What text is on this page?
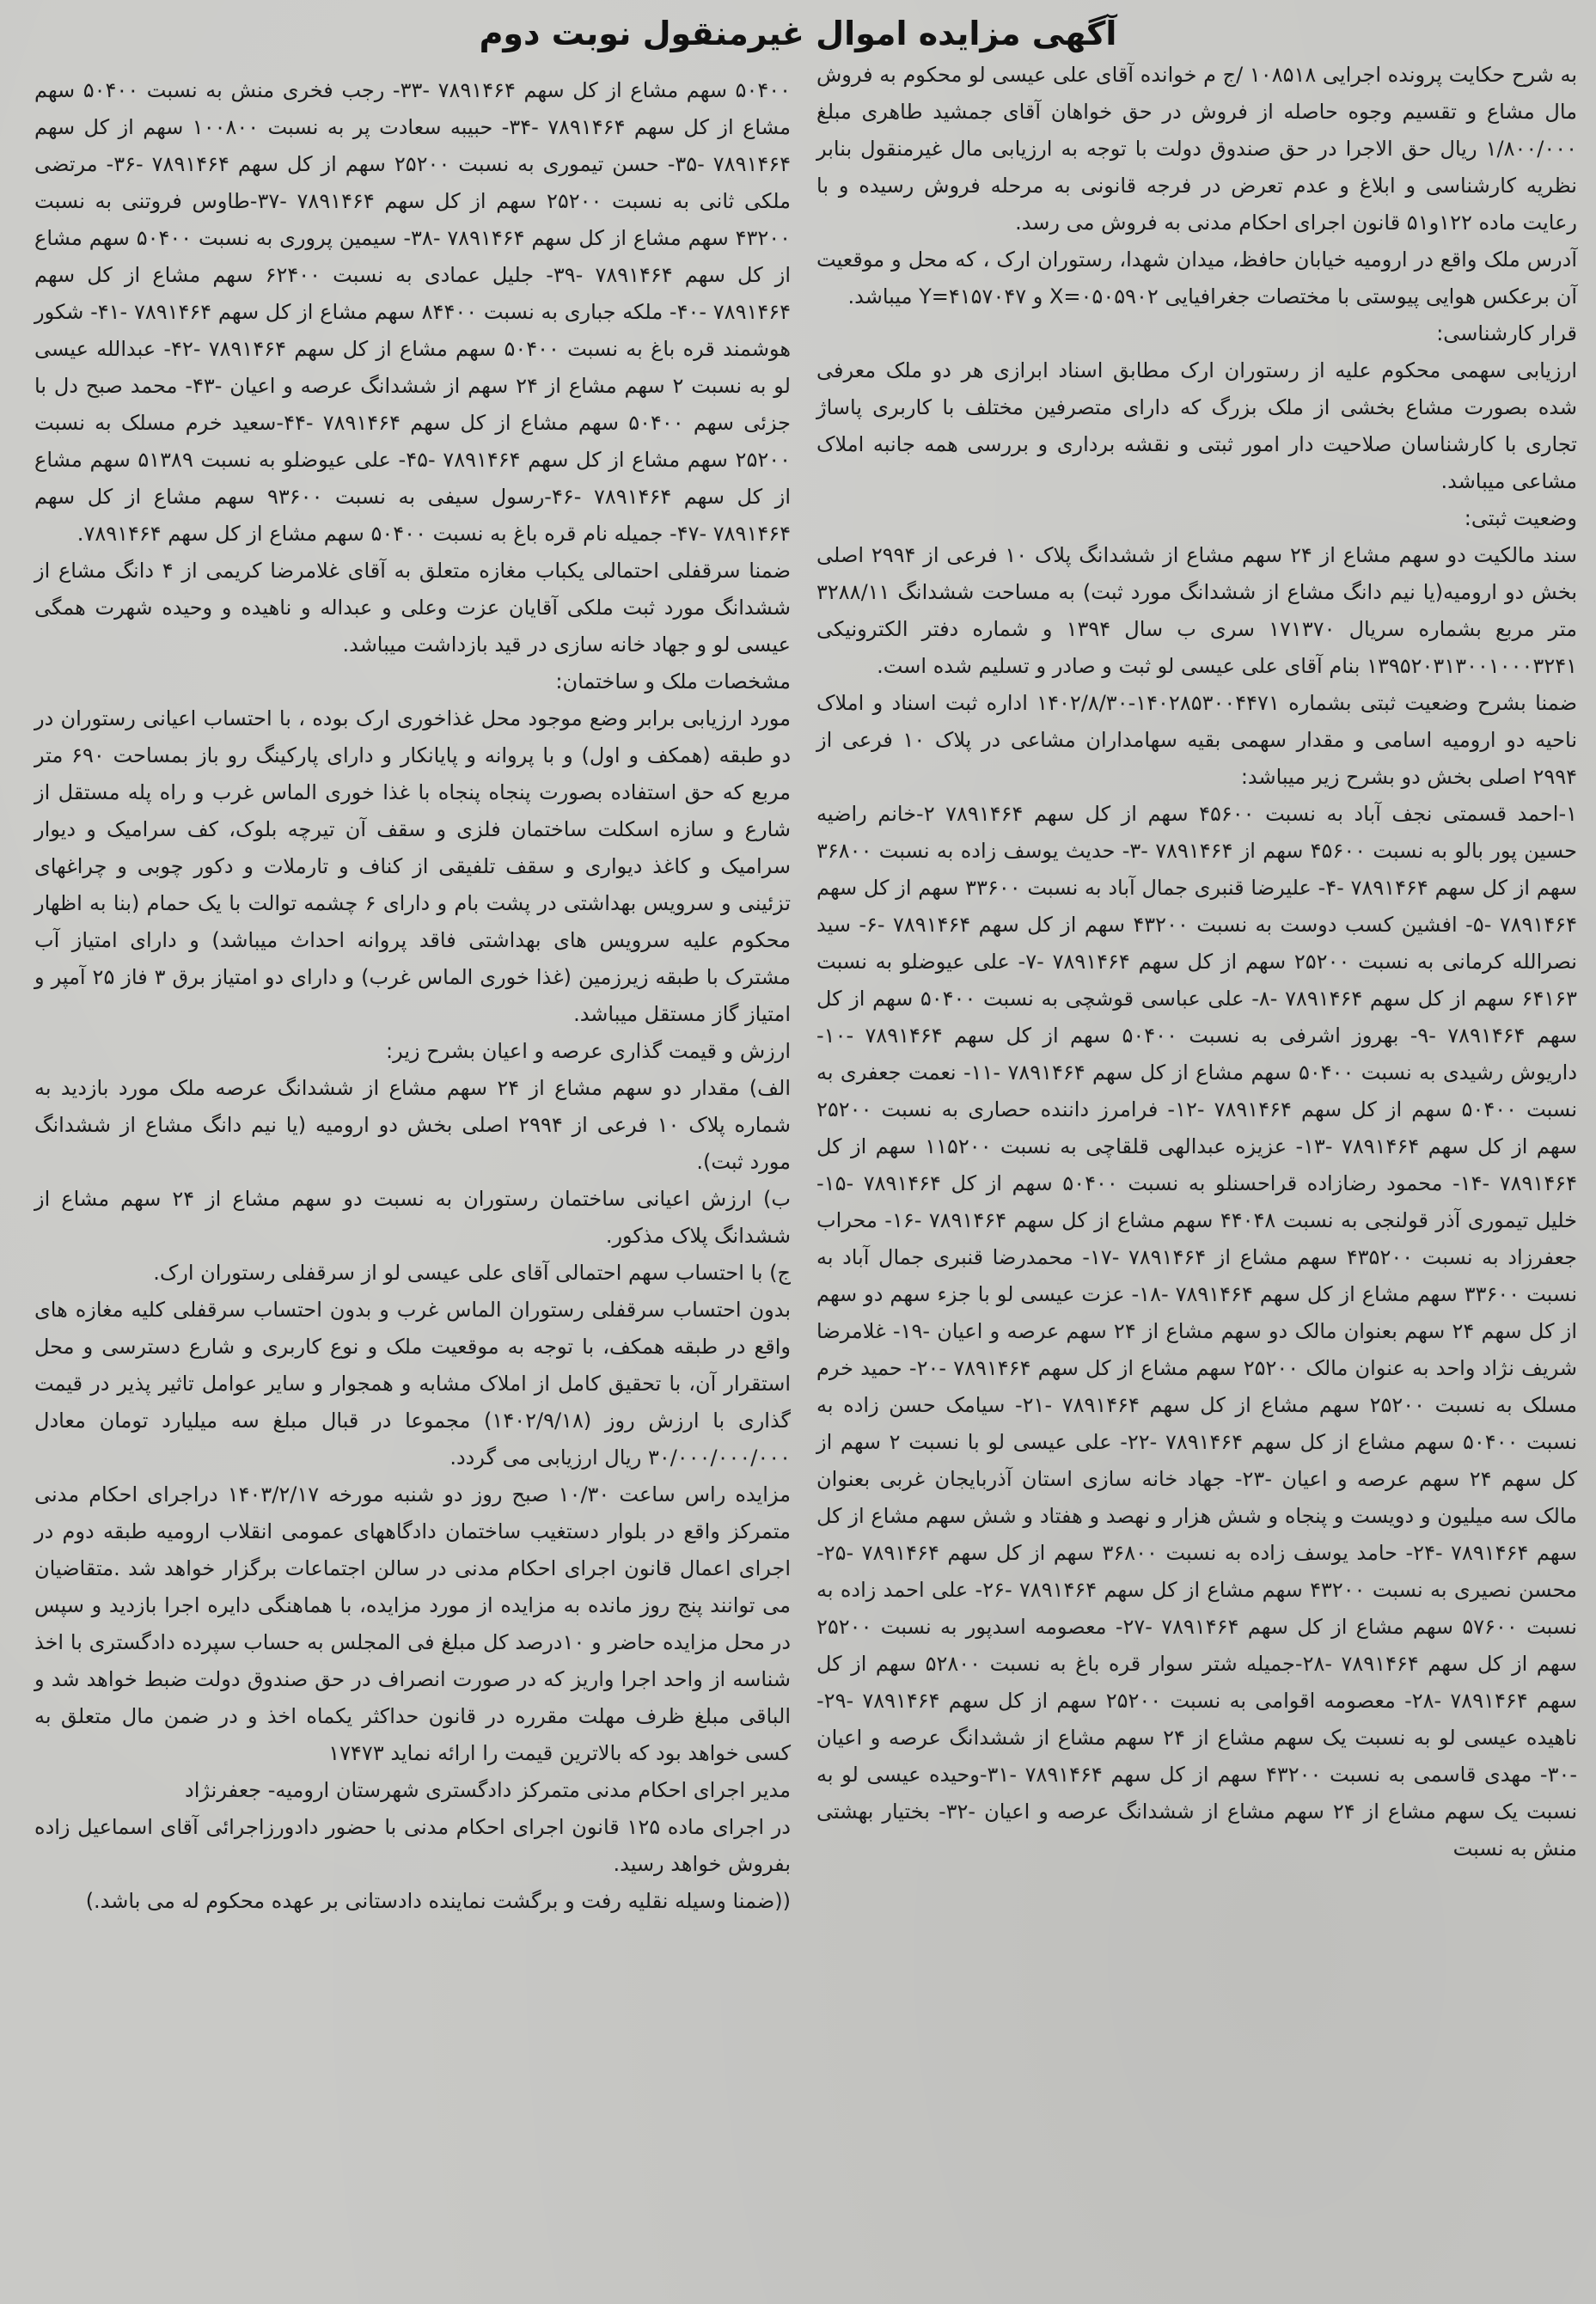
آگهی مزایده اموال غیرمنقول نوبت دوم

به شرح حکایت پرونده اجرایی ۱۰۸۵۱۸ /ج م خوانده آقای علی عیسی لو محکوم به فروش مال مشاع و تقسیم وجوه حاصله از فروش در حق خواهان آقای جمشید طاهری مبلغ ۱/۸۰۰/۰۰۰ ریال حق الاجرا در حق صندوق دولت با توجه به ارزیابی مال غیرمنقول بنابر نظریه کارشناسی و ابلاغ و عدم تعرض در فرجه قانونی به مرحله فروش رسیده و با رعایت ماده ۱۲۲و۵۱ قانون اجرای احکام مدنی به فروش می رسد.

آدرس ملک واقع در ارومیه خیابان حافظ، میدان شهدا، رستوران ارک ، که محل و موقعیت آن برعکس هوایی پیوستی با مختصات جغرافیایی X=۰۵۰۵۹۰۲ و Y=۴۱۵۷۰۴۷ میباشد.

قرار کارشناسی:

ارزیابی سهمی محکوم علیه از رستوران ارک مطابق اسناد ابرازی هر دو ملک معرفی شده بصورت مشاع بخشی از ملک بزرگ که دارای متصرفین مختلف با کاربری پاساژ تجاری با کارشناسان صلاحیت دار امور ثبتی و نقشه برداری و بررسی همه جانبه املاک مشاعی میباشد.

وضعیت ثبتی:

سند مالکیت دو سهم مشاع از ۲۴ سهم مشاع از ششدانگ پلاک ۱۰ فرعی از ۲۹۹۴ اصلی بخش دو ارومیه(یا نیم دانگ مشاع از ششدانگ مورد ثبت) به مساحت ششدانگ ۳۲۸۸/۱۱ متر مربع بشماره سریال ۱۷۱۳۷۰ سری ب سال ۱۳۹۴ و شماره دفتر الکترونیکی ۱۳۹۵۲۰۳۱۳۰۰۱۰۰۰۳۲۴۱ بنام آقای علی عیسی لو ثبت و صادر و تسلیم شده است.

ضمنا بشرح وضعیت ثبتی بشماره ۱۴۰۲۸۵۳۰۰۴۴۷۱-۱۴۰۲/۸/۳۰ اداره ثبت اسناد و املاک ناحیه دو ارومیه اسامی و مقدار سهمی بقیه سهامداران مشاعی در پلاک ۱۰ فرعی از ۲۹۹۴ اصلی بخش دو بشرح زیر میباشد:

۱-احمد قسمتی نجف آباد به نسبت ۴۵۶۰۰ سهم از کل سهم ۷۸۹۱۴۶۴ ۲-خانم راضیه حسین پور بالو به نسبت ۴۵۶۰۰ سهم از ۷۸۹۱۴۶۴ -۳- حدیث یوسف زاده به نسبت ۳۶۸۰۰ سهم از کل سهم ۷۸۹۱۴۶۴ -۴- علیرضا قنبری جمال آباد به نسبت ۳۳۶۰۰ سهم از کل سهم ۷۸۹۱۴۶۴ -۵- افشین کسب دوست به نسبت ۴۳۲۰۰ سهم از کل سهم ۷۸۹۱۴۶۴ -۶- سید نصرالله کرمانی به نسبت ۲۵۲۰۰ سهم از کل سهم ۷۸۹۱۴۶۴ -۷- علی عیوضلو به نسبت ۶۴۱۶۳ سهم از کل سهم ۷۸۹۱۴۶۴ -۸- علی عباسی قوشچی به نسبت ۵۰۴۰۰ سهم از کل سهم ۷۸۹۱۴۶۴ -۹- بهروز اشرفی به نسبت ۵۰۴۰۰ سهم از کل سهم ۷۸۹۱۴۶۴ -۱۰- داریوش رشیدی به نسبت ۵۰۴۰۰ سهم مشاع از کل سهم ۷۸۹۱۴۶۴ -۱۱- نعمت جعفری به نسبت ۵۰۴۰۰ سهم از کل سهم ۷۸۹۱۴۶۴ -۱۲- فرامرز داننده حصاری به نسبت ۲۵۲۰۰ سهم از کل سهم ۷۸۹۱۴۶۴ -۱۳- عزیزه عبدالهی قلقاچی به نسبت ۱۱۵۲۰۰ سهم از کل ۷۸۹۱۴۶۴ -۱۴- محمود رضازاده قراحسنلو به نسبت ۵۰۴۰۰ سهم از کل ۷۸۹۱۴۶۴ -۱۵- خلیل تیموری آذر قولنجی به نسبت ۴۴۰۴۸ سهم مشاع از کل سهم ۷۸۹۱۴۶۴ -۱۶- محراب جعفرزاد به نسبت ۴۳۵۲۰۰ سهم مشاع از ۷۸۹۱۴۶۴ -۱۷- محمدرضا قنبری جمال آباد به نسبت ۳۳۶۰۰ سهم مشاع از کل سهم ۷۸۹۱۴۶۴ -۱۸- عزت عیسی لو با جزء سهم دو سهم از کل سهم ۲۴ سهم بعنوان مالک دو سهم مشاع از ۲۴ سهم عرصه و اعیان -۱۹- غلامرضا شریف نژاد واحد به عنوان مالک ۲۵۲۰۰ سهم مشاع از کل سهم ۷۸۹۱۴۶۴ -۲۰- حمید خرم مسلک به نسبت ۲۵۲۰۰ سهم مشاع از کل سهم ۷۸۹۱۴۶۴ -۲۱- سیامک حسن زاده به نسبت ۵۰۴۰۰ سهم مشاع از کل سهم ۷۸۹۱۴۶۴ -۲۲- علی عیسی لو با نسبت ۲ سهم از کل سهم ۲۴ سهم عرصه و اعیان -۲۳- جهاد خانه سازی استان آذربایجان غربی بعنوان مالک سه میلیون و دویست و پنجاه و شش هزار و نهصد و هفتاد و شش سهم مشاع از کل سهم ۷۸۹۱۴۶۴ -۲۴- حامد یوسف زاده به نسبت ۳۶۸۰۰ سهم از کل سهم ۷۸۹۱۴۶۴ -۲۵- محسن نصیری به نسبت ۴۳۲۰۰ سهم مشاع از کل سهم ۷۸۹۱۴۶۴ -۲۶- علی احمد زاده به نسبت ۵۷۶۰۰ سهم مشاع از کل سهم ۷۸۹۱۴۶۴ -۲۷- معصومه اسدپور به نسبت ۲۵۲۰۰ سهم از کل سهم ۷۸۹۱۴۶۴ -۲۸-جمیله شتر سوار قره باغ به نسبت ۵۲۸۰۰ سهم از کل سهم ۷۸۹۱۴۶۴ -۲۸- معصومه اقوامی به نسبت ۲۵۲۰۰ سهم از کل سهم ۷۸۹۱۴۶۴ -۲۹-ناهیده عیسی لو به نسبت یک سهم مشاع از ۲۴ سهم مشاع از ششدانگ عرصه و اعیان -۳۰- مهدی قاسمی به نسبت ۴۳۲۰۰ سهم از کل سهم ۷۸۹۱۴۶۴ -۳۱-وحیده عیسی لو به نسبت یک سهم مشاع از ۲۴ سهم مشاع از ششدانگ عرصه و اعیان -۳۲- بختیار بهشتی منش به نسبت

۵۰۴۰۰ سهم مشاع از کل سهم ۷۸۹۱۴۶۴ -۳۳- رجب فخری منش به نسبت ۵۰۴۰۰ سهم مشاع از کل سهم ۷۸۹۱۴۶۴ -۳۴- حبیبه سعادت پر به نسبت ۱۰۰۸۰۰ سهم از کل سهم ۷۸۹۱۴۶۴ -۳۵- حسن تیموری به نسبت ۲۵۲۰۰ سهم از کل سهم ۷۸۹۱۴۶۴ -۳۶- مرتضی ملکی ثانی به نسبت ۲۵۲۰۰ سهم از کل سهم ۷۸۹۱۴۶۴ -۳۷-طاوس فروتنی به نسبت ۴۳۲۰۰ سهم مشاع از کل سهم ۷۸۹۱۴۶۴ -۳۸- سیمین پروری به نسبت ۵۰۴۰۰ سهم مشاع از کل سهم ۷۸۹۱۴۶۴ -۳۹- جلیل عمادی به نسبت ۶۲۴۰۰ سهم مشاع از کل سهم ۷۸۹۱۴۶۴ -۴۰- ملکه جباری به نسبت ۸۴۴۰۰ سهم مشاع از کل سهم ۷۸۹۱۴۶۴ -۴۱- شکور هوشمند قره باغ به نسبت ۵۰۴۰۰ سهم مشاع از کل سهم ۷۸۹۱۴۶۴ -۴۲- عبدالله عیسی لو به نسبت ۲ سهم مشاع از ۲۴ سهم از ششدانگ عرصه و اعیان -۴۳- محمد صبح دل با جزئی سهم ۵۰۴۰۰ سهم مشاع از کل سهم ۷۸۹۱۴۶۴ -۴۴-سعید خرم مسلک به نسبت ۲۵۲۰۰ سهم مشاع از کل سهم ۷۸۹۱۴۶۴ -۴۵- علی عیوضلو به نسبت ۵۱۳۸۹ سهم مشاع از کل سهم ۷۸۹۱۴۶۴ -۴۶-رسول سیفی به نسبت ۹۳۶۰۰ سهم مشاع از کل سهم ۷۸۹۱۴۶۴ -۴۷- جمیله نام قره باغ به نسبت ۵۰۴۰۰ سهم مشاع از کل سهم ۷۸۹۱۴۶۴.

ضمنا سرقفلی احتمالی یکباب مغازه متعلق به آقای غلامرضا کریمی از ۴ دانگ مشاع از ششدانگ مورد ثبت ملکی آقایان عزت وعلی و عبداله و ناهیده و وحیده شهرت همگی عیسی لو و جهاد خانه سازی در قید بازداشت میباشد.

مشخصات ملک و ساختمان:

مورد ارزیابی برابر وضع موجود محل غذاخوری ارک بوده ، با احتساب اعیانی رستوران در دو طبقه (همکف و اول) و با پروانه و پایانکار و دارای پارکینگ رو باز بمساحت ۶۹۰ متر مربع که حق استفاده بصورت پنجاه پنجاه با غذا خوری الماس غرب و راه پله مستقل از شارع و سازه اسکلت ساختمان فلزی و سقف آن تیرچه بلوک، کف سرامیک و دیوار سرامیک و کاغذ دیواری و سقف تلفیقی از کناف و تارملات و دکور چوبی و چراغهای تزئینی و سرویس بهداشتی در پشت بام و دارای ۶ چشمه توالت با یک حمام (بنا به اظهار محکوم علیه سرویس های بهداشتی فاقد پروانه احداث میباشد) و دارای امتیاز آب مشترک با طبقه زیرزمین (غذا خوری الماس غرب) و دارای دو امتیاز برق ۳ فاز ۲۵ آمپر و امتیاز گاز مستقل میباشد.

ارزش و قیمت گذاری عرصه و اعیان بشرح زیر:

الف) مقدار دو سهم مشاع از ۲۴ سهم مشاع از ششدانگ عرصه ملک مورد بازدید به شماره پلاک ۱۰ فرعی از ۲۹۹۴ اصلی بخش دو ارومیه (یا نیم دانگ مشاع از ششدانگ مورد ثبت).

ب) ارزش اعیانی ساختمان رستوران به نسبت دو سهم مشاع از ۲۴ سهم مشاع از ششدانگ پلاک مذکور.

ج) با احتساب سهم احتمالی آقای علی عیسی لو از سرقفلی رستوران ارک.

بدون احتساب سرقفلی رستوران الماس غرب و بدون احتساب سرقفلی کلیه مغازه های واقع در طبقه همکف، با توجه به موقعیت ملک و نوع کاربری و شارع دسترسی و محل استقرار آن، با تحقیق کامل از املاک مشابه و همجوار و سایر عوامل تاثیر پذیر در قیمت گذاری با ارزش روز (۱۴۰۲/۹/۱۸) مجموعا در قبال مبلغ سه میلیارد تومان معادل ۳۰/۰۰۰/۰۰۰/۰۰۰ ریال ارزیابی می گردد.

مزایده راس ساعت ۱۰/۳۰ صبح روز دو شنبه مورخه ۱۴۰۳/۲/۱۷ دراجرای احکام مدنی متمرکز واقع در بلوار دستغیب ساختمان دادگاههای عمومی انقلاب ارومیه طبقه دوم در اجرای اعمال قانون اجرای احکام مدنی در سالن اجتماعات برگزار خواهد شد .متقاضیان می توانند پنج روز مانده به مزایده از مورد مزایده، با هماهنگی دایره اجرا بازدید و سپس در محل مزایده حاضر و ۱۰درصد کل مبلغ فی المجلس به حساب سپرده دادگستری با اخذ شناسه از واحد اجرا واریز که در صورت انصراف در حق صندوق دولت ضبط خواهد شد و الباقی مبلغ ظرف مهلت مقرره در قانون حداکثر یکماه اخذ و در ضمن مال متعلق به کسی خواهد بود که بالاترین قیمت را ارائه نماید ۱۷۴۷۳

مدیر اجرای احکام مدنی متمرکز دادگستری شهرستان ارومیه- جعفرنژاد

در اجرای ماده ۱۲۵ قانون اجرای احکام مدنی با حضور دادورزاجرائی آقای اسماعیل زاده بفروش خواهد رسید.

((ضمنا وسیله نقلیه رفت و برگشت نماینده دادستانی بر عهده محکوم له می باشد.)
